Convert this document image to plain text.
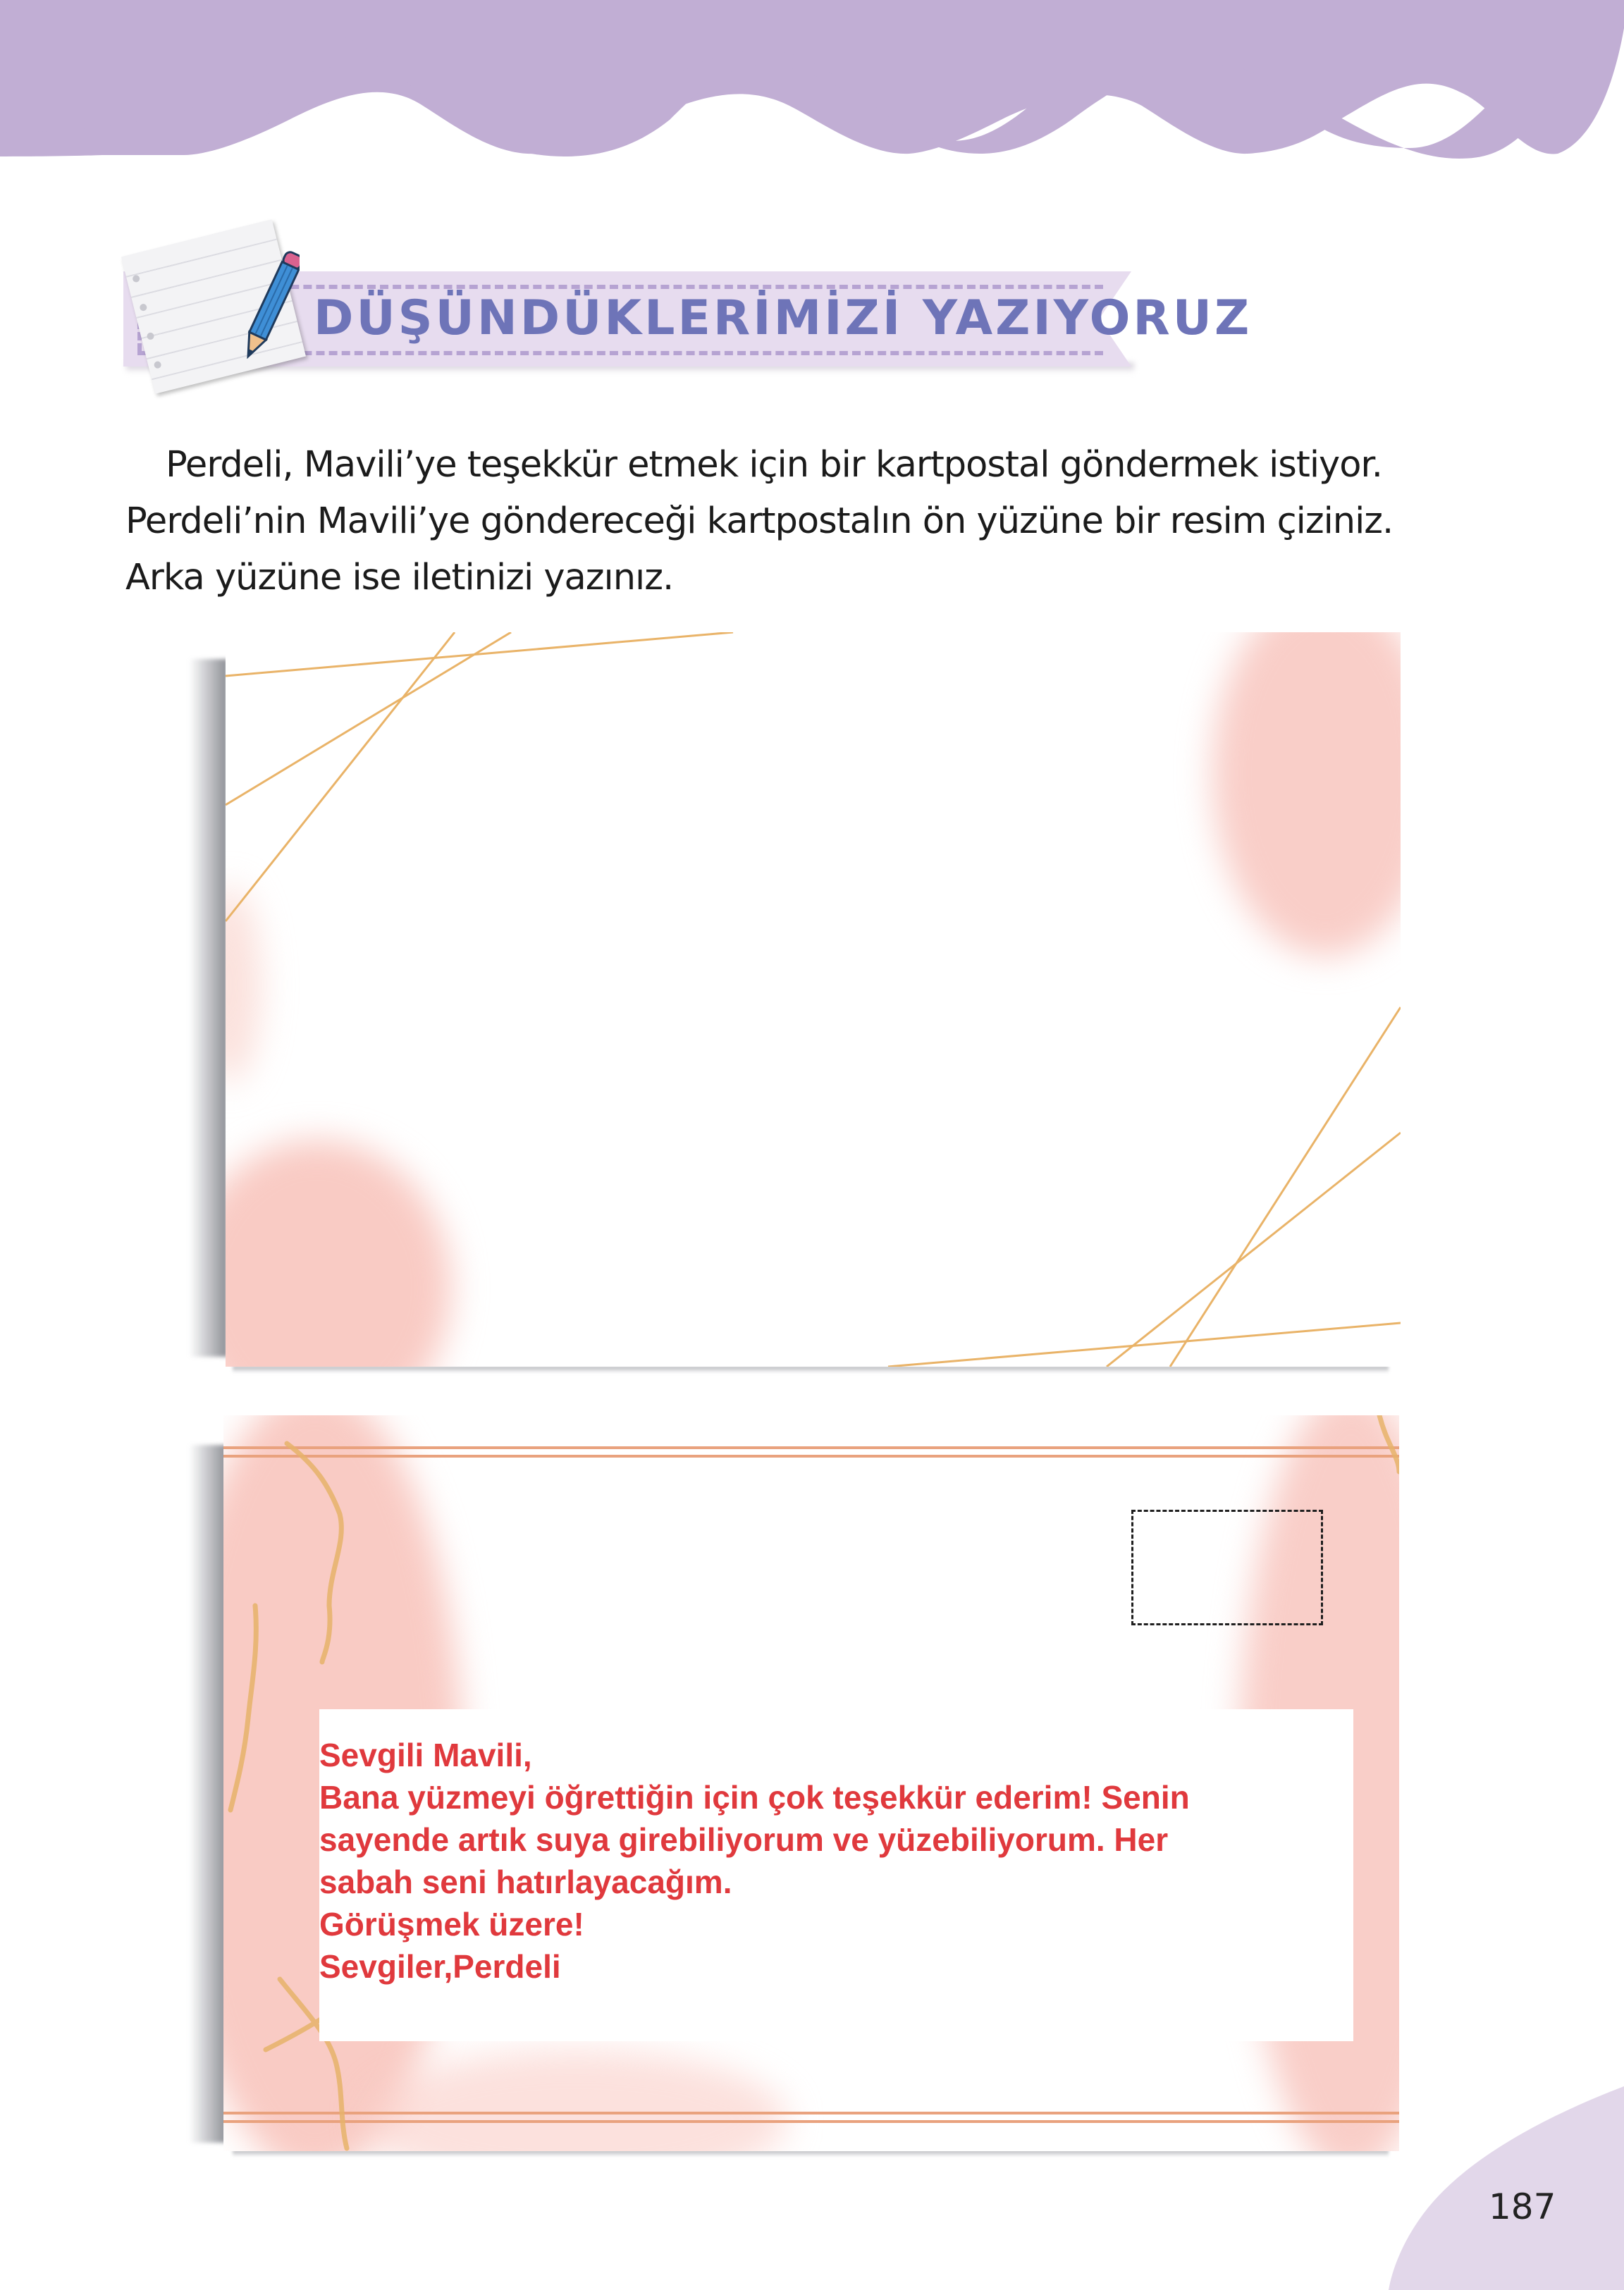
DÜŞÜNDÜKLERİMİZİ YAZIYORUZ

Perdeli, Mavili’ye teşekkür etmek için bir kartpostal göndermek istiyor.

Perdeli’nin Mavili’ye göndereceği kartpostalın ön yüzüne bir resim çiziniz.

Arka yüzüne ise iletinizi yazınız.

Sevgili Mavili,
Bana yüzmeyi öğrettiğin için çok teşekkür ederim! Senin
sayende artık suya girebiliyorum ve yüzebiliyorum. Her
sabah seni hatırlayacağım.
Görüşmek üzere!
Sevgiler,Perdeli
187
